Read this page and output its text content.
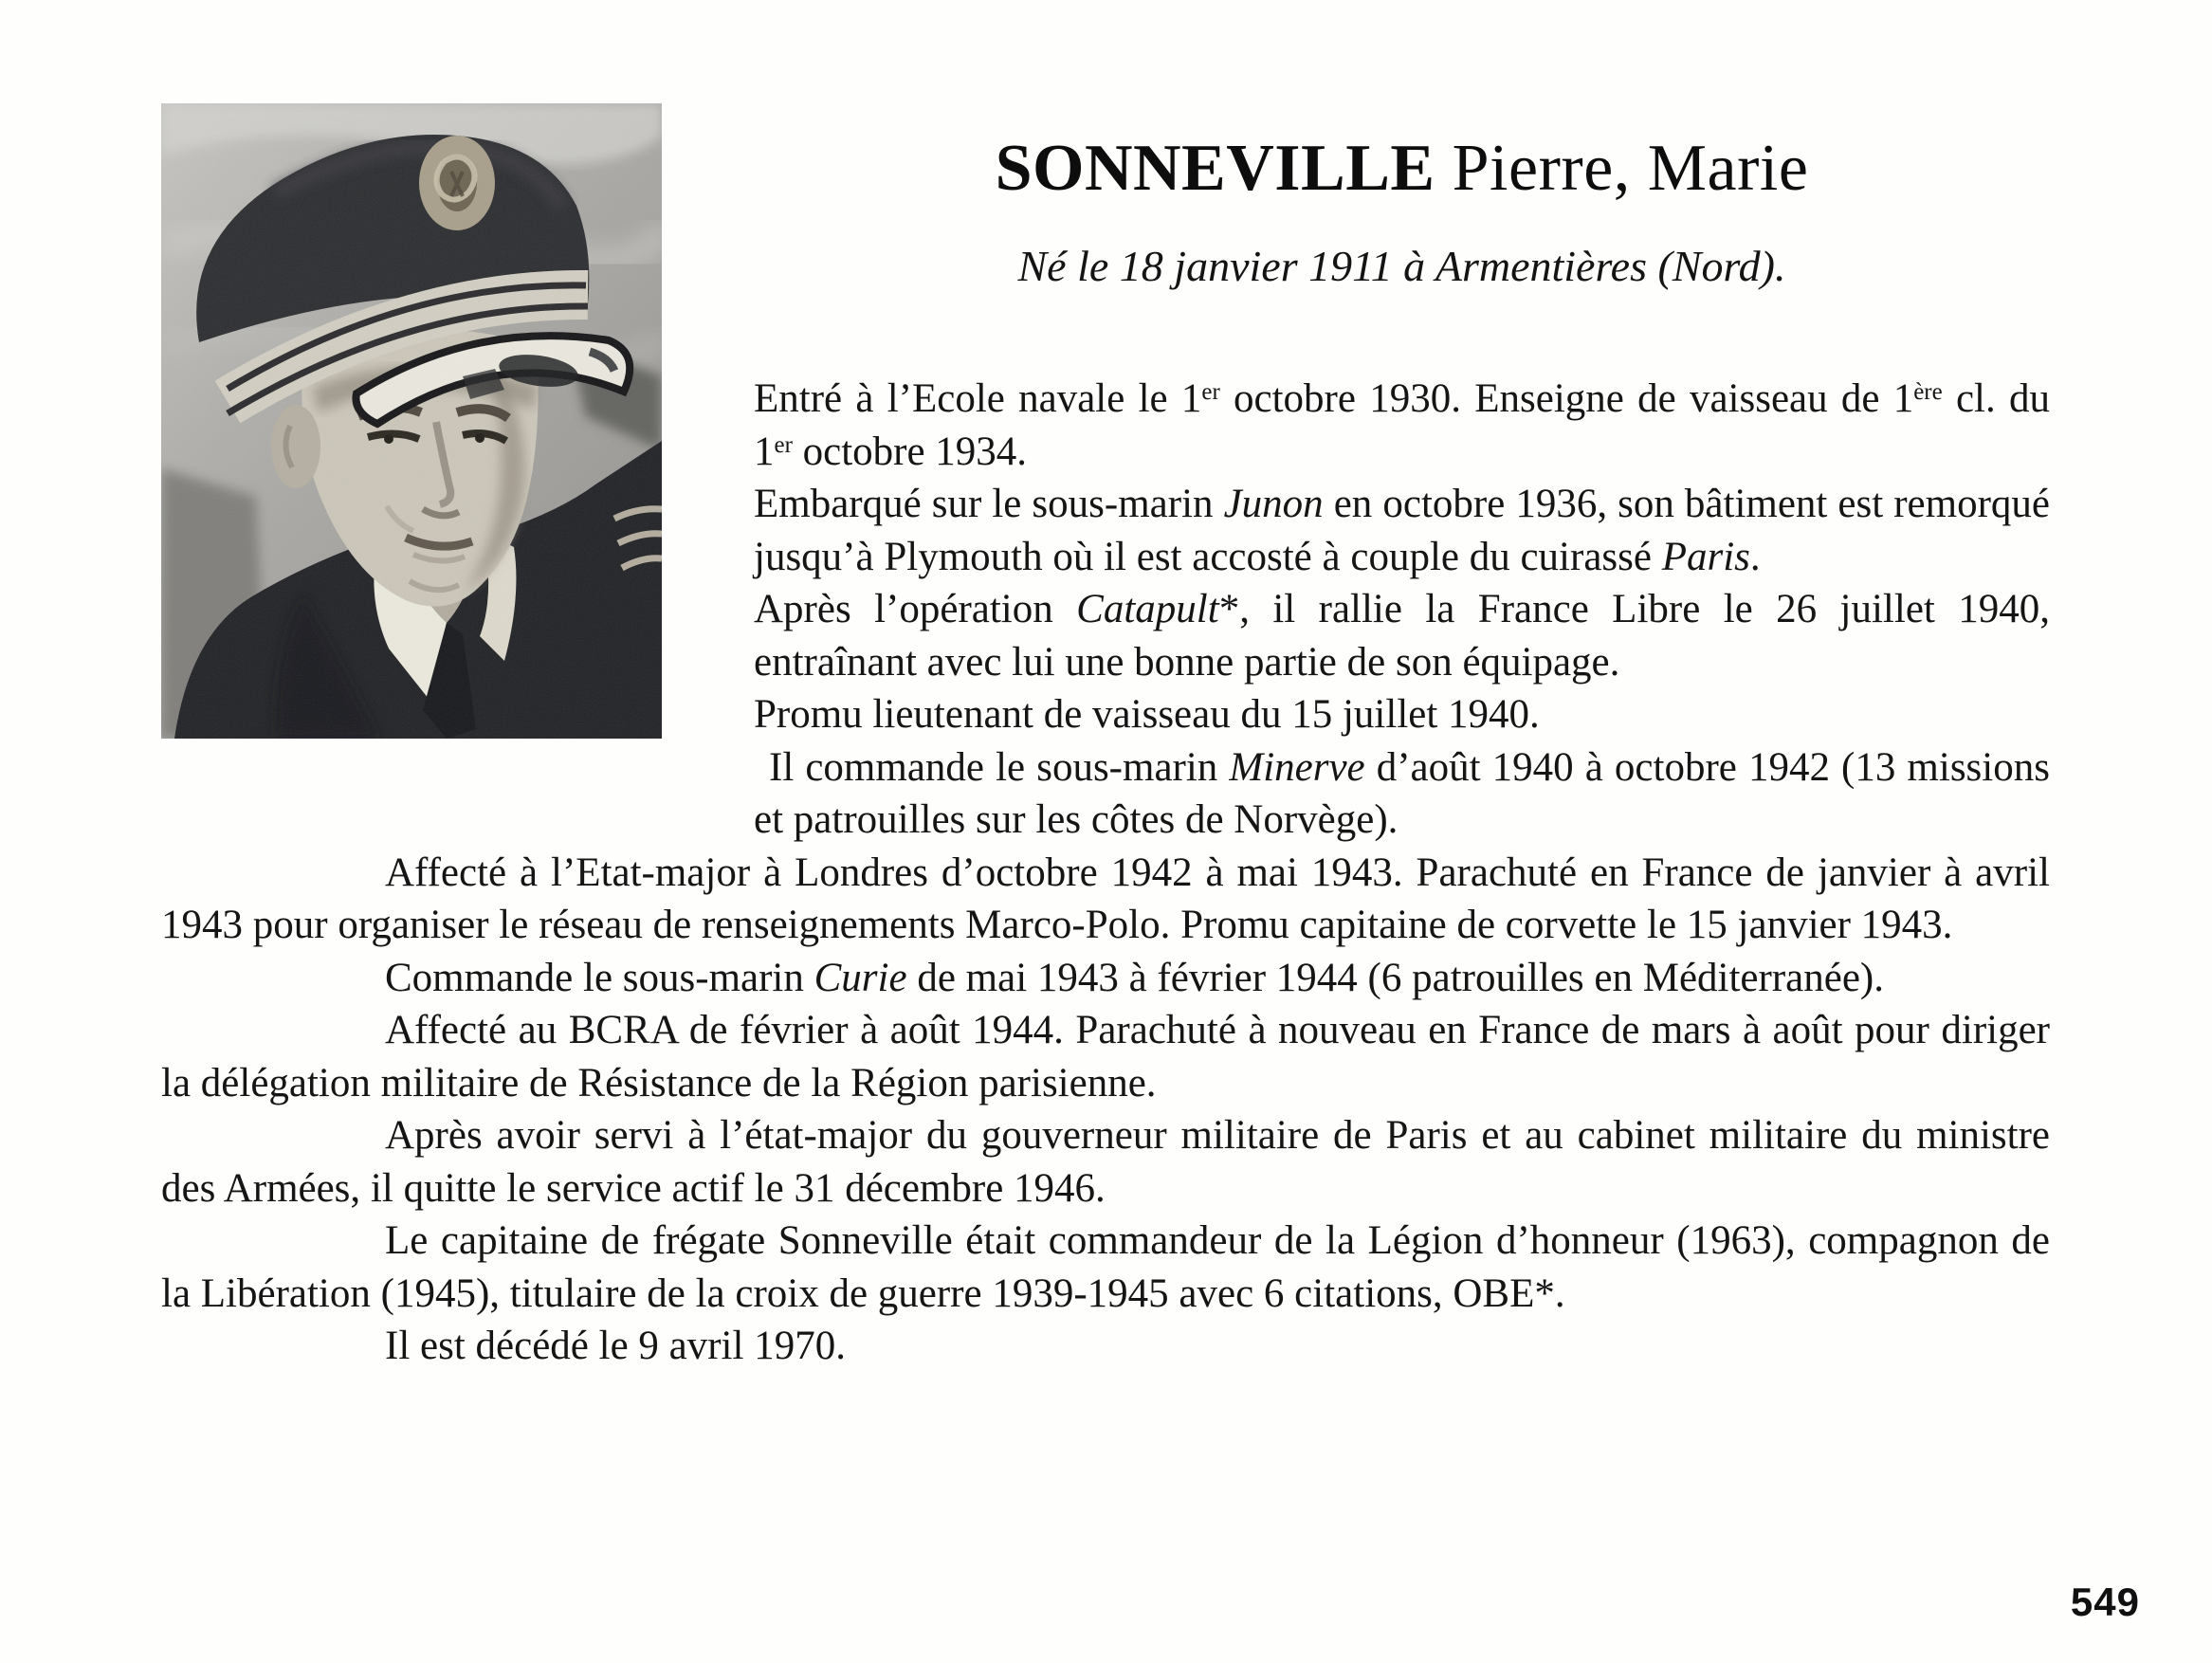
SONNEVILLE Pierre, Marie

Né le 18 janvier 1911 à Armentières (Nord).

Entré à l’Ecole navale le 1er octobre 1930. Enseigne de vaisseau de 1ère cl. du 1er octobre 1934.

Embarqué sur le sous-marin Junon en octobre 1936, son bâtiment est remorqué jusqu’à Plymouth où il est accosté à couple du cuirassé Paris.

Après l’opération Catapult*, il rallie la France Libre le 26 juillet 1940, entraînant avec lui une bonne partie de son équipage.

Promu lieutenant de vaisseau du 15 juillet 1940.

Il commande le sous-marin Minerve d’août 1940 à octobre 1942 (13 missions et patrouilles sur les côtes de Norvège).

Affecté à l’Etat-major à Londres d’octobre 1942 à mai 1943. Parachuté en France de janvier à avril 1943 pour organiser le réseau de renseignements Marco-Polo. Promu capitaine de corvette le 15 janvier 1943.

Commande le sous-marin Curie de mai 1943 à février 1944 (6 patrouilles en Méditerranée).

Affecté au BCRA de février à août 1944. Parachuté à nouveau en France de mars à août pour diriger la délégation militaire de Résistance de la Région parisienne.

Après avoir servi à l’état-major du gouverneur militaire de Paris et au cabinet militaire du ministre des Armées, il quitte le service actif le 31 décembre 1946.

Le capitaine de frégate Sonneville était commandeur de la Légion d’honneur (1963), compagnon de la Libération (1945), titulaire de la croix de guerre 1939-1945 avec 6 citations, OBE*.

Il est décédé le 9 avril 1970.

549
